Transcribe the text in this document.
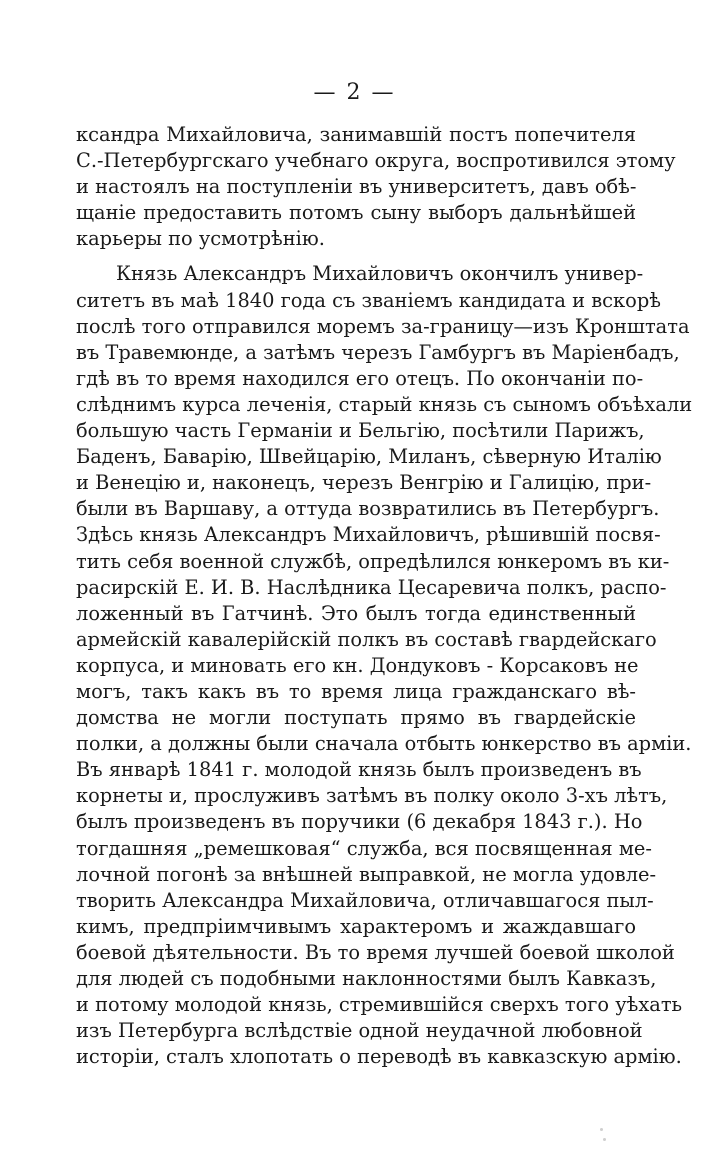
— 2 —
ксандра Михайловича, занимавшій постъ попечителя
С.-Петербургскаго учебнаго округа, воспротивился этому
и настоялъ на поступленіи въ университетъ, давъ обѣ-
щаніе предоставить потомъ сыну выборъ дальнѣйшей
карьеры по усмотрѣнію.
Князь Александръ Михайловичъ окончилъ универ-
ситетъ въ маѣ 1840 года съ званіемъ кандидата и вскорѣ
послѣ того отправился моремъ за-границу—изъ Кронштата
въ Травемюнде, а затѣмъ черезъ Гамбургъ въ Маріенбадъ,
гдѣ въ то время находился его отецъ. По окончаніи по-
слѣднимъ курса леченія, старый князь съ сыномъ объѣхали
большую часть Германіи и Бельгію, посѣтили Парижъ,
Баденъ, Баварію, Швейцарію, Миланъ, сѣверную Италію
и Венецію и, наконецъ, черезъ Венгрію и Галицію, при-
были въ Варшаву, а оттуда возвратились въ Петербургъ.
Здѣсь князь Александръ Михайловичъ, рѣшившій посвя-
тить себя военной службѣ, опредѣлился юнкеромъ въ ки-
расирскій Е. И. В. Наслѣдника Цесаревича полкъ, распо-
ложенный въ Гатчинѣ. Это былъ тогда единственный
армейскій кавалерійскій полкъ въ составѣ гвардейскаго
корпуса, и миновать его кн. Дондуковъ - Корсаковъ не
могъ, такъ какъ въ то время лица гражданскаго вѣ-
домства не могли поступать прямо въ гвардейскіе
полки, а должны были сначала отбыть юнкерство въ арміи.
Въ январѣ 1841 г. молодой князь былъ произведенъ въ
корнеты и, прослуживъ затѣмъ въ полку около 3-хъ лѣтъ,
былъ произведенъ въ поручики (6 декабря 1843 г.). Но
тогдашняя „ремешковая“ служба, вся посвященная ме-
лочной погонѣ за внѣшней выправкой, не могла удовле-
творить Александра Михайловича, отличавшагося пыл-
кимъ, предпріимчивымъ характеромъ и жаждавшаго
боевой дѣятельности. Въ то время лучшей боевой школой
для людей съ подобными наклонностями былъ Кавказъ,
и потому молодой князь, стремившійся сверхъ того уѣхать
изъ Петербурга вслѣдствіе одной неудачной любовной
исторіи, сталъ хлопотать о переводѣ въ кавказскую армію.
